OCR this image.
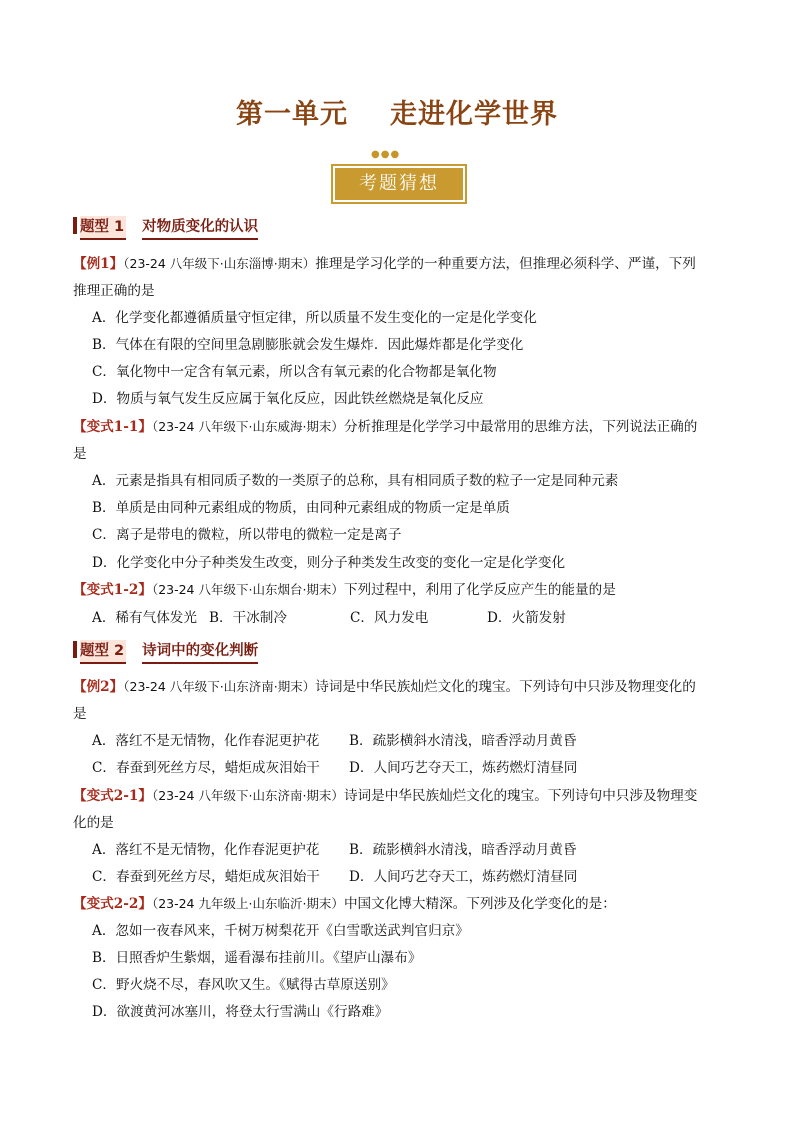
第一单元 走进化学世界
●●●
考题猜想
题型 1 对物质变化的认识
【例1】（23-24 八年级下·山东淄博·期末）推理是学习化学的一种重要方法，但推理必须科学、严谨，下列
推理正确的是
A．化学变化都遵循质量守恒定律，所以质量不发生变化的一定是化学变化
B．气体在有限的空间里急剧膨胀就会发生爆炸．因此爆炸都是化学变化
C．氧化物中一定含有氧元素，所以含有氧元素的化合物都是氧化物
D．物质与氧气发生反应属于氧化反应，因此铁丝燃烧是氧化反应
【变式1-1】（23-24 八年级下·山东威海·期末）分析推理是化学学习中最常用的思维方法，下列说法正确的
是
A．元素是指具有相同质子数的一类原子的总称，具有相同质子数的粒子一定是同种元素
B．单质是由同种元素组成的物质，由同种元素组成的物质一定是单质
C．离子是带电的微粒，所以带电的微粒一定是离子
D．化学变化中分子种类发生改变，则分子种类发生改变的变化一定是化学变化
【变式1-2】（23-24 八年级下·山东烟台·期末）下列过程中，利用了化学反应产生的能量的是
A．稀有气体发光 B．干冰制冷	C．风力发电	D．火箭发射
题型 2 诗词中的变化判断
【例2】（23-24 八年级下·山东济南·期末）诗词是中华民族灿烂文化的瑰宝。下列诗句中只涉及物理变化的
是
A．落红不是无情物，化作春泥更护花 B．疏影横斜水清浅，暗香浮动月黄昏
C．春蚕到死丝方尽，蜡炬成灰泪始干 D．人间巧艺夺天工，炼药燃灯清昼同
【变式2-1】（23-24 八年级下·山东济南·期末）诗词是中华民族灿烂文化的瑰宝。下列诗句中只涉及物理变
化的是
A．落红不是无情物，化作春泥更护花 B．疏影横斜水清浅，暗香浮动月黄昏
C．春蚕到死丝方尽，蜡炬成灰泪始干 D．人间巧艺夺天工，炼药燃灯清昼同
【变式2-2】（23-24 九年级上·山东临沂·期末）中国文化博大精深。下列涉及化学变化的是：
A．忽如一夜春风来，千树万树梨花开《白雪歌送武判官归京》
B．日照香炉生紫烟，遥看瀑布挂前川。《望庐山瀑布》
C．野火烧不尽，春风吹又生。《赋得古草原送别》
D．欲渡黄河冰塞川，将登太行雪满山《行路难》
